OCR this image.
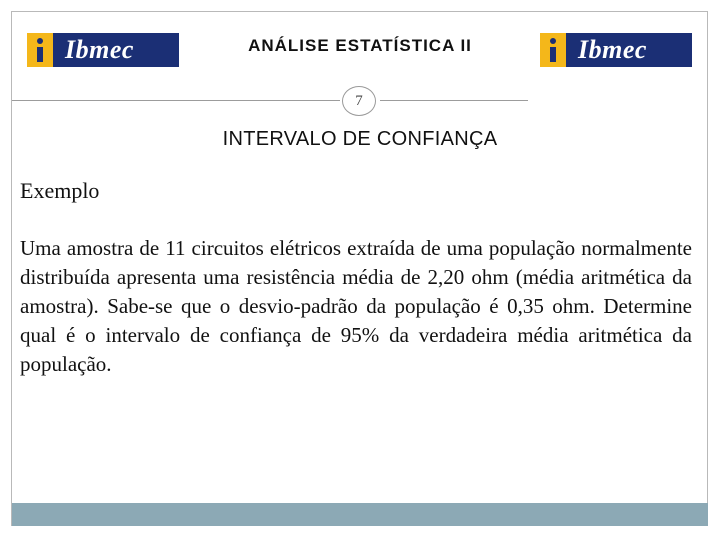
Ibmec	ANÁLISE ESTATÍSTICA II	Ibmec
7
INTERVALO DE CONFIANÇA
Exemplo

Uma amostra de 11 circuitos elétricos extraída de uma população normalmente distribuída apresenta uma resistência média de 2,20 ohm (média aritmética da amostra). Sabe-se que o desvio-padrão da população é 0,35 ohm. Determine qual é o intervalo de confiança de 95% da verdadeira média aritmética da população.
